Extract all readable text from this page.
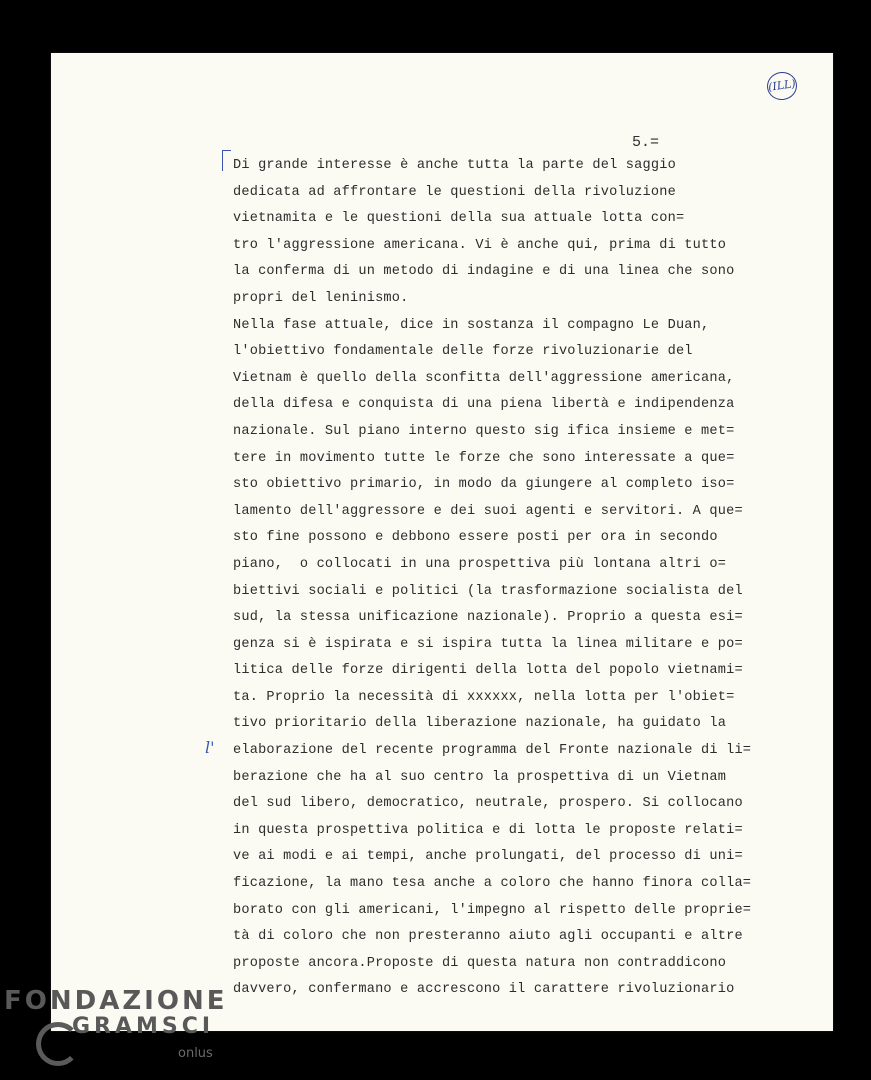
(ILL)
5.=
l'
Di grande interesse è anche tutta la parte del saggio
dedicata ad affrontare le questioni della rivoluzione
vietnamita e le questioni della sua attuale lotta con=
tro l'aggressione americana. Vi è anche qui, prima di tutto
la conferma di un metodo di indagine e di una linea che sono
propri del leninismo.
Nella fase attuale, dice in sostanza il compagno Le Duan,
l'obiettivo fondamentale delle forze rivoluzionarie del
Vietnam è quello della sconfitta dell'aggressione americana,
della difesa e conquista di una piena libertà e indipendenza
nazionale. Sul piano interno questo sig ifica insieme e met=
tere in movimento tutte le forze che sono interessate a que=
sto obiettivo primario, in modo da giungere al completo iso=
lamento dell'aggressore e dei suoi agenti e servitori. A que=
sto fine possono e debbono essere posti per ora in secondo
piano,  o collocati in una prospettiva più lontana altri o=
biettivi sociali e politici (la trasformazione socialista del
sud, la stessa unificazione nazionale). Proprio a questa esi=
genza si è ispirata e si ispira tutta la linea militare e po=
litica delle forze dirigenti della lotta del popolo vietnami=
ta. Proprio la necessità di xxxxxx, nella lotta per l'obiet=
tivo prioritario della liberazione nazionale, ha guidato la
elaborazione del recente programma del Fronte nazionale di li=
berazione che ha al suo centro la prospettiva di un Vietnam
del sud libero, democratico, neutrale, prospero. Si collocano
in questa prospettiva politica e di lotta le proposte relati=
ve ai modi e ai tempi, anche prolungati, del processo di uni=
ficazione, la mano tesa anche a coloro che hanno finora colla=
borato con gli americani, l'impegno al rispetto delle proprie=
tà di coloro che non presteranno aiuto agli occupanti e altre
proposte ancora.Proposte di questa natura non contraddicono
davvero, confermano e accrescono il carattere rivoluzionario
FONDAZIONE
GRAMSCI
onlus
